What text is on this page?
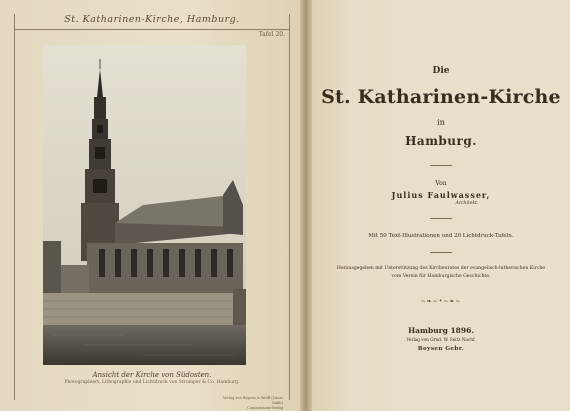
St. Katharinen-Kirche, Hamburg.
Tafel 20.
Ansicht der Kirche von Südosten.
Photographiert, Lithographie und Lichtdruck von Strumper & Co. Hamburg.
Verlag von Boysen & Wolff (Lucas Gräfe)
Commissions-Verlag
Die
St. Katharinen-Kirche
in
Hamburg.
Von
Julius Faulwasser,
Architekt.
Mit 50 Text-Illustrationen und 20 Lichtdruck-Tafeln.
Herausgegeben mit Unterstützung des Kirchenrates der evangelisch-lutherischen Kirche
vom Verein für Hamburgische Geschichte.
~❧~•~❧~
Hamburg 1896.
Verlag von Grnd. W. Seitz Nachf.
Boysen Gebr.
